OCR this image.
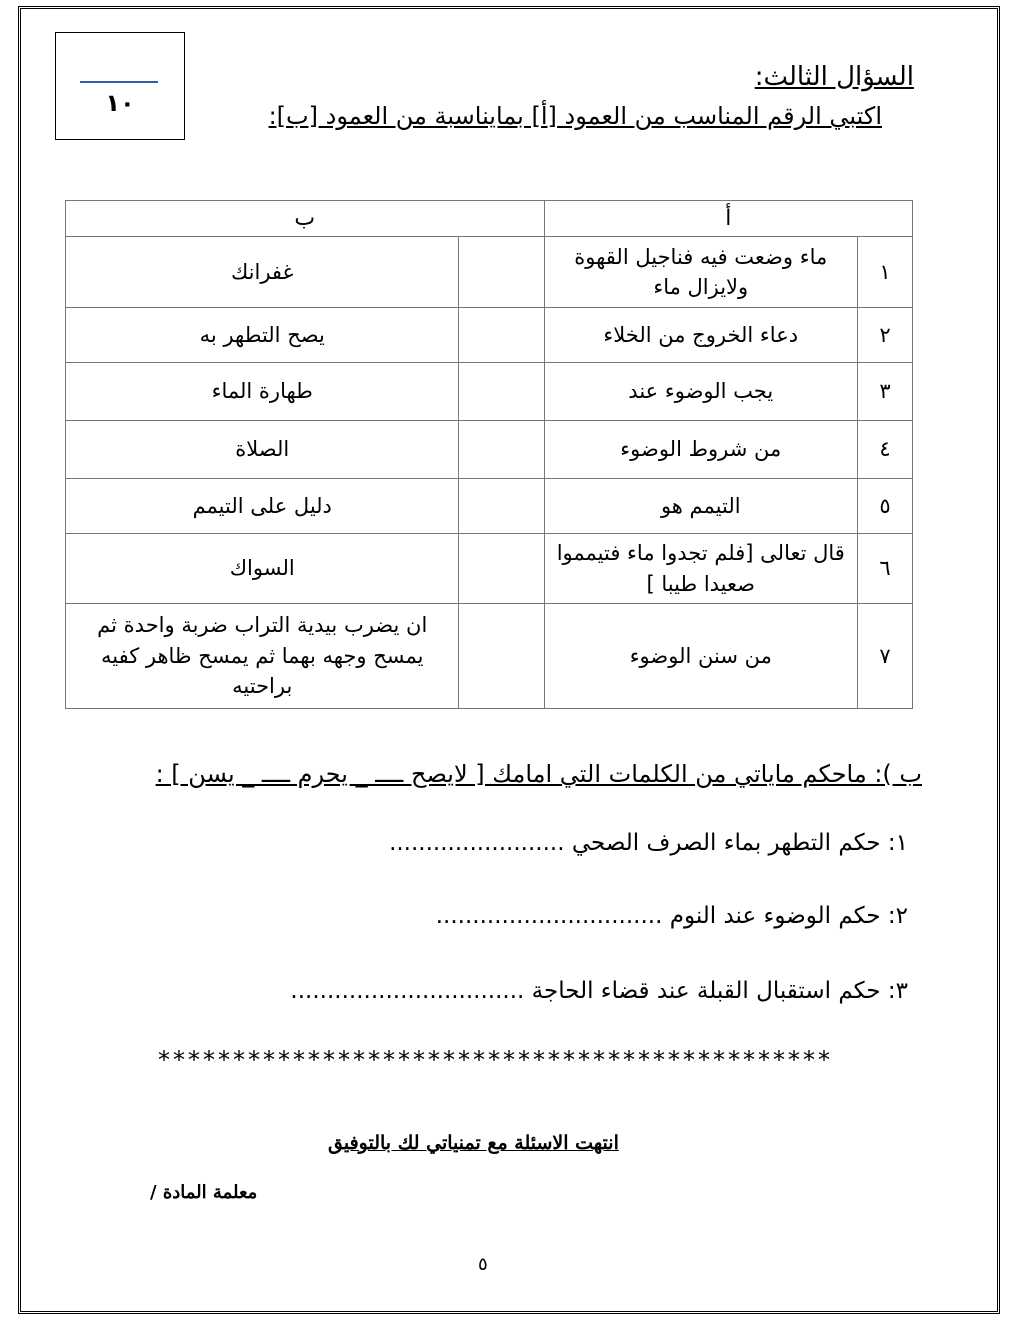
١٠
السؤال الثالث:
اكتبي الرقم المناسب من العمود [أ] بمايناسبة من العمود [ب]:
أ		ب	
١	ماء وضعت فيه فناجيل القهوة ولايزال ماء		غفرانك
٢	دعاء الخروج من الخلاء		يصح التطهر به
٣	يجب الوضوء عند		طهارة الماء
٤	من شروط الوضوء		الصلاة
٥	التيمم هو		دليل على التيمم
٦	قال تعالى [فلم تجدوا ماء فتيمموا صعيدا طيبا ]		السواك
٧	من سنن الوضوء		ان يضرب بيدية التراب ضربة واحدة ثم يمسح وجهه بهما ثم يمسح ظاهر كفيه براحتيه
ب ): ماحكم ماياتي من الكلمات التي امامك [ لايصح ــــ _ يحرم ــــ _ يسن ] :
١: حكم التطهر بماء الصرف الصحي ........................
٢: حكم الوضوء عند النوم ...............................
٣: حكم استقبال القبلة عند قضاء الحاجة ................................
*********************************************
انتهت الاسئلة مع تمنياتي لك بالتوفيق
معلمة المادة /
٥
